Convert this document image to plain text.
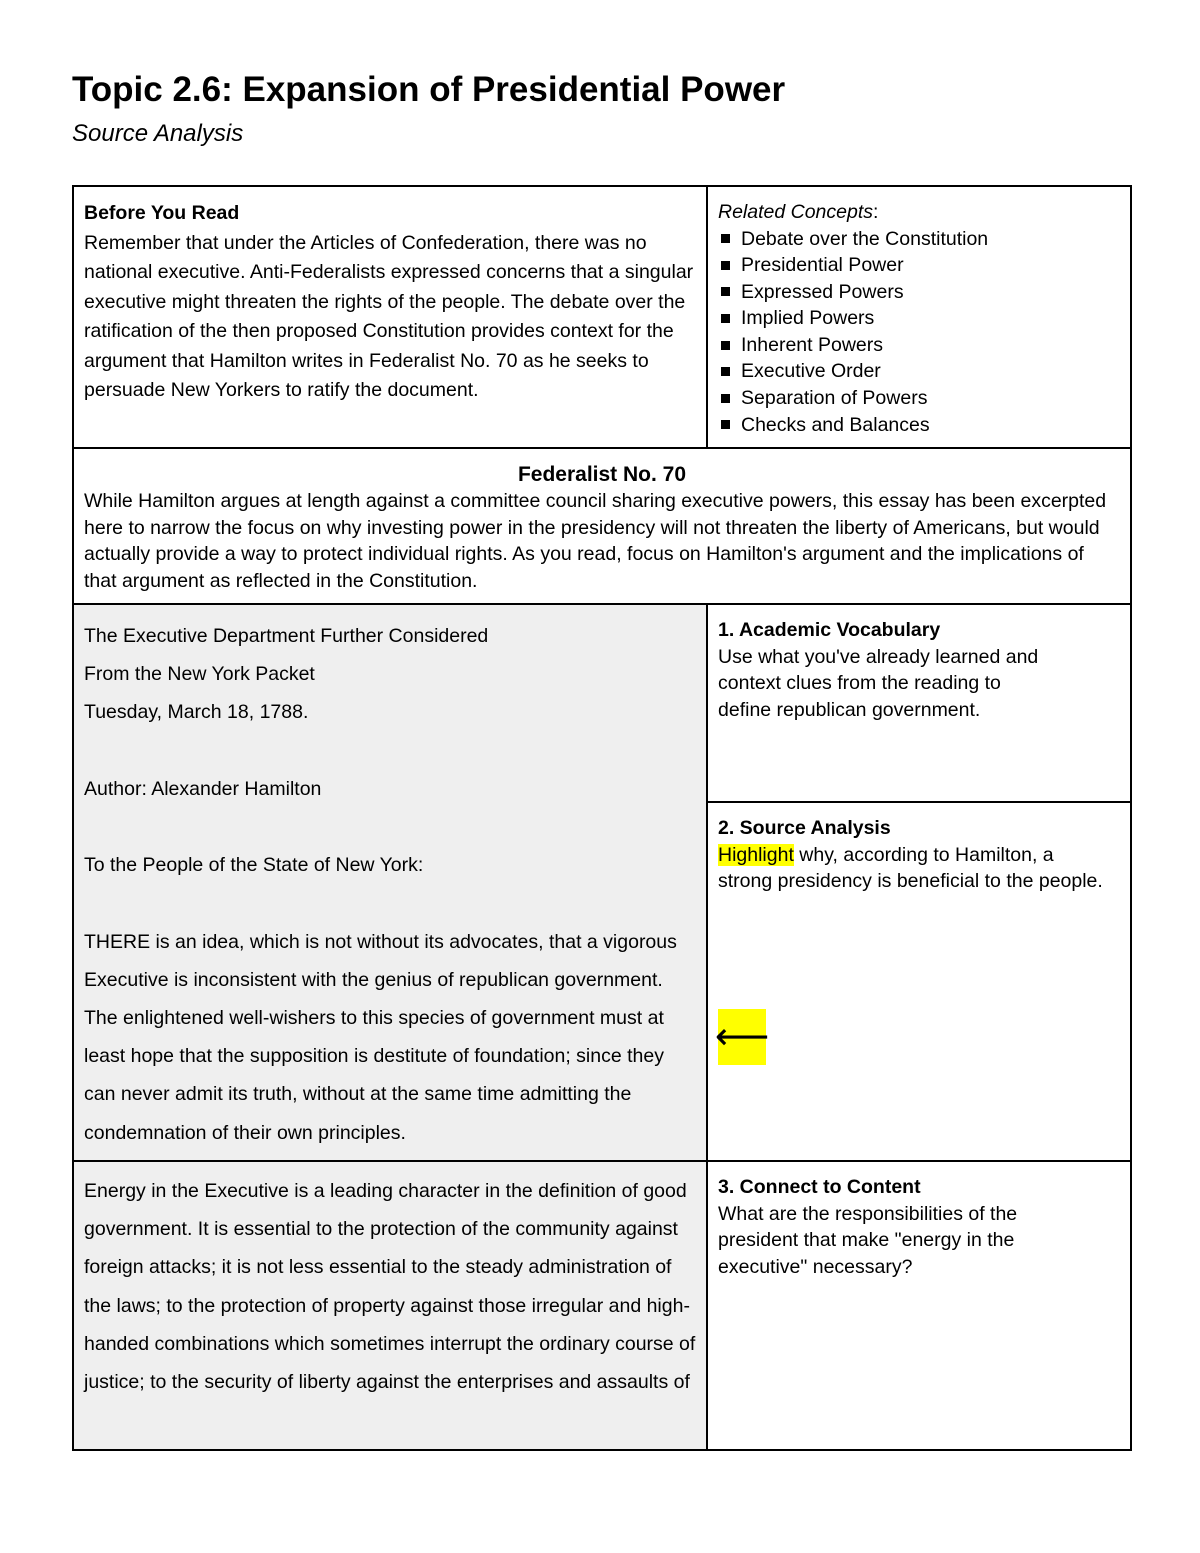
Topic 2.6: Expansion of Presidential Power
Source Analysis
Before You Read
Remember that under the Articles of Confederation, there was no national executive. Anti-Federalists expressed concerns that a singular executive might threaten the rights of the people. The debate over the ratification of the then proposed Constitution provides context for the argument that Hamilton writes in Federalist No. 70 as he seeks to persuade New Yorkers to ratify the document.
Related Concepts:
Debate over the Constitution
Presidential Power
Expressed Powers
Implied Powers
Inherent Powers
Executive Order
Separation of Powers
Checks and Balances
Federalist No. 70
While Hamilton argues at length against a committee council sharing executive powers, this essay has been excerpted here to narrow the focus on why investing power in the presidency will not threaten the liberty of Americans, but would actually provide a way to protect individual rights. As you read, focus on Hamilton's argument and the implications of that argument as reflected in the Constitution.

The Executive Department Further Considered

From the New York Packet

Tuesday, March 18, 1788.

Author: Alexander Hamilton

To the People of the State of New York:

THERE is an idea, which is not without its advocates, that a vigorous Executive is inconsistent with the genius of republican government. The enlightened well-wishers to this species of government must at least hope that the supposition is destitute of foundation; since they can never admit its truth, without at the same time admitting the condemnation of their own principles.

1. Academic Vocabulary
Use what you've already learned and context clues from the reading to define republican government.
2. Source Analysis
Highlight why, according to Hamilton, a strong presidency is beneficial to the people.
⟵

Energy in the Executive is a leading character in the definition of good government. It is essential to the protection of the community against foreign attacks; it is not less essential to the steady administration of the laws; to the protection of property against those irregular and high-handed combinations which sometimes interrupt the ordinary course of justice; to the security of liberty against the enterprises and assaults of

3. Connect to Content
What are the responsibilities of the president that make "energy in the executive" necessary?
